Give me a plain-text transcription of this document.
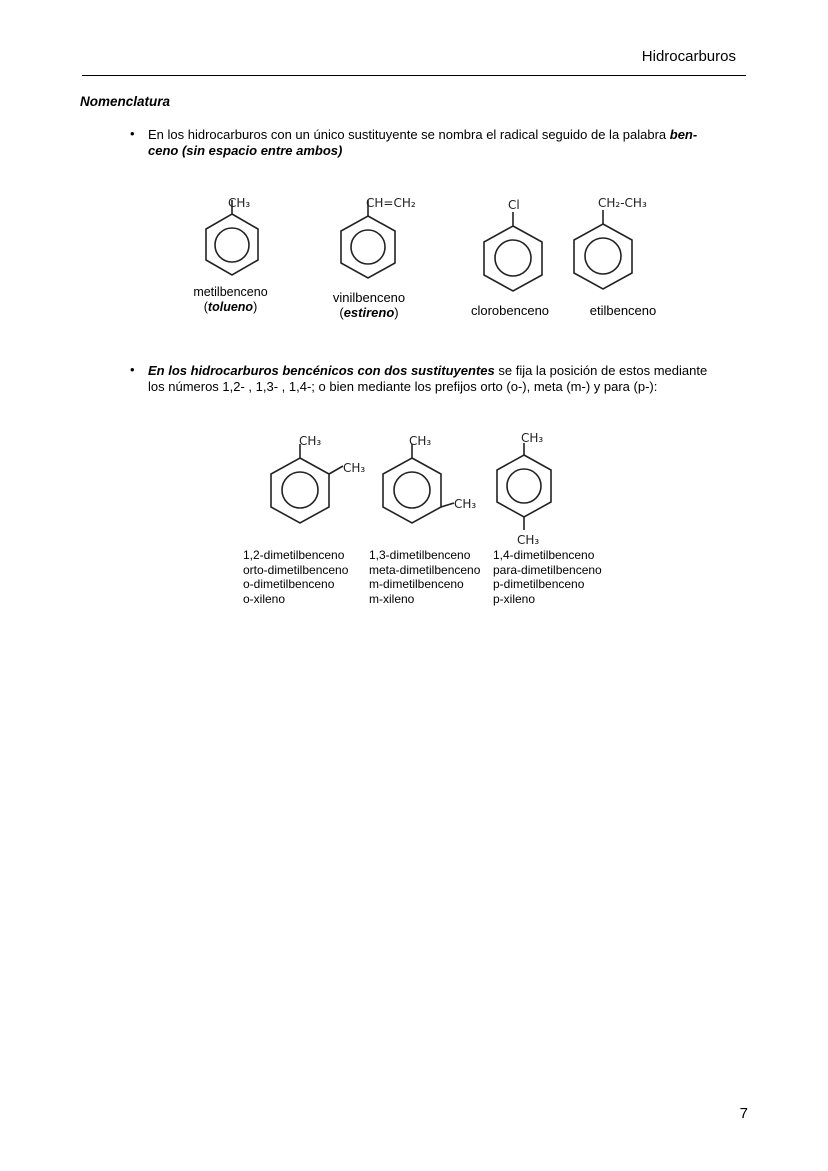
Hidrocarburos
Nomenclatura
• En los hidrocarburos con un único sustituyente se nombra el radical seguido de la palabra ben-
ceno (sin espacio entre ambos)
CH₃	CH=CH₂	Cl	CH₂-CH₃
metilbenceno
(tolueno)
vinilbenceno
(estireno)	clorobenceno	etilbenceno
• En los hidrocarburos bencénicos con dos sustituyentes se fija la posición de estos mediante
los números 1,2- , 1,3- , 1,4-; o bien mediante los prefijos orto (o-), meta (m-) y para (p-):
CH₃
CH₃
CH₃
CH₃
CH₃
CH₃
1,2-dimetilbenceno
orto-dimetilbenceno
o-dimetilbenceno
o-xileno
1,3-dimetilbenceno
meta-dimetilbenceno
m-dimetilbenceno
m-xileno
1,4-dimetilbenceno
para-dimetilbenceno
p-dimetilbenceno
p-xileno
7
